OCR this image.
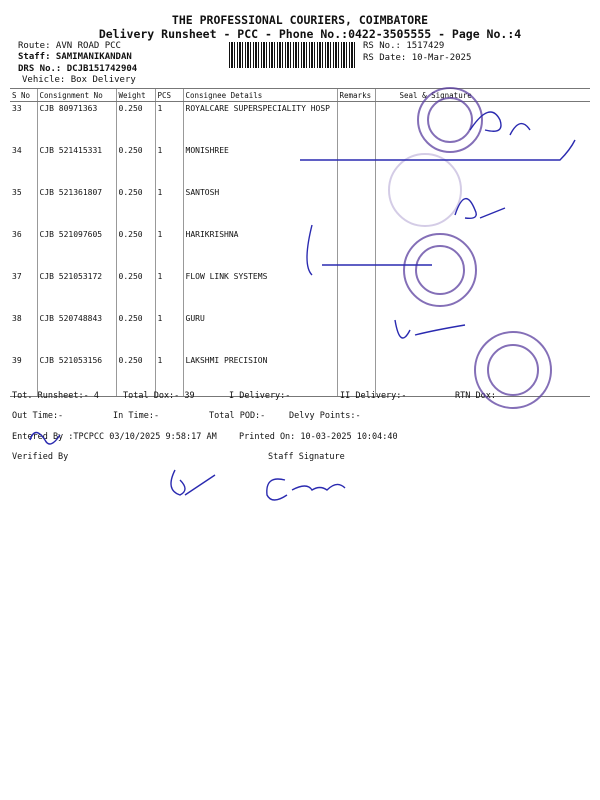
THE PROFESSIONAL COURIERS, COIMBATORE
Delivery Runsheet - PCC - Phone No.:0422-3505555 - Page No.:4
Route: AVN ROAD PCC
Staff: SAMIMANIKANDAN
DRS No.: DCJB151742904
Vehicle: Box Delivery
RS No.: 1517429
RS Date: 10-Mar-2025
S No	Consignment No	Weight	PCS	Consignee Details	Remarks	Seal & Signature
33	CJB 80971363	0.250	1	ROYALCARE SUPERSPECIALITY HOSP		
34	CJB 521415331	0.250	1	MONISHREE		
35	CJB 521361807	0.250	1	SANTOSH		
36	CJB 521097605	0.250	1	HARIKRISHNA		
37	CJB 521053172	0.250	1	FLOW LINK SYSTEMS		
38	CJB 520748843	0.250	1	GURU		
39	CJB 521053156	0.250	1	LAKSHMI PRECISION		
Tot. Runsheet:- 4	Total Dox:- 39	I Delivery:-	II Delivery:-	RTN Dox:
Out Time:-	In Time:-	Total POD:-	Delvy Points:-
Entered By :TPCPCC 03/10/2025 9:58:17 AM	Printed On: 10-03-2025 10:04:40
Verified By	Staff Signature
